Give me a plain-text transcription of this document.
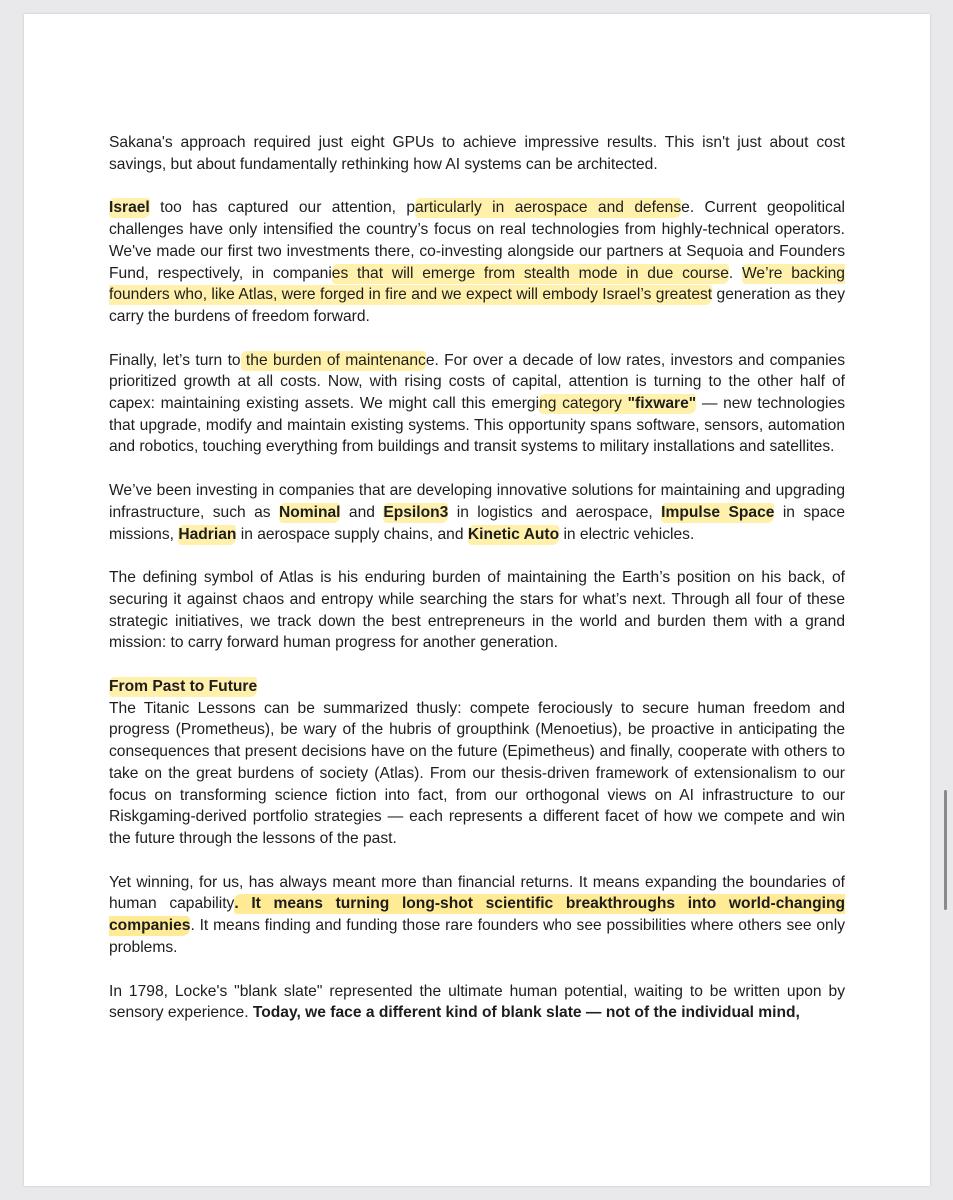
Sakana's approach required just eight GPUs to achieve impressive results. This isn't just about cost savings, but about fundamentally rethinking how AI systems can be architected.

Israel too has captured our attention, particularly in aerospace and defense. Current geopolitical challenges have only intensified the country’s focus on real technologies from highly-technical operators. We've made our first two investments there, co-investing alongside our partners at Sequoia and Founders Fund, respectively, in companies that will emerge from stealth mode in due course. We’re backing founders who, like Atlas, were forged in fire and we expect will embody Israel’s greatest generation as they carry the burdens of freedom forward.

Finally, let’s turn to the burden of maintenance. For over a decade of low rates, investors and companies prioritized growth at all costs. Now, with rising costs of capital, attention is turning to the other half of capex: maintaining existing assets. We might call this emerging category "fixware" — new technologies that upgrade, modify and maintain existing systems. This opportunity spans software, sensors, automation and robotics, touching everything from buildings and transit systems to military installations and satellites.

We’ve been investing in companies that are developing innovative solutions for maintaining and upgrading infrastructure, such as Nominal and Epsilon3 in logistics and aerospace, Impulse Space in space missions, Hadrian in aerospace supply chains, and Kinetic Auto in electric vehicles.

The defining symbol of Atlas is his enduring burden of maintaining the Earth’s position on his back, of securing it against chaos and entropy while searching the stars for what’s next. Through all four of these strategic initiatives, we track down the best entrepreneurs in the world and burden them with a grand mission: to carry forward human progress for another generation.

From Past to Future

The Titanic Lessons can be summarized thusly: compete ferociously to secure human freedom and progress (Prometheus), be wary of the hubris of groupthink (Menoetius), be proactive in anticipating the consequences that present decisions have on the future (Epimetheus) and finally, cooperate with others to take on the great burdens of society (Atlas). From our thesis-driven framework of extensionalism to our focus on transforming science fiction into fact, from our orthogonal views on AI infrastructure to our Riskgaming-derived portfolio strategies — each represents a different facet of how we compete and win the future through the lessons of the past.

Yet winning, for us, has always meant more than financial returns. It means expanding the boundaries of human capability. It means turning long-shot scientific breakthroughs into world-changing companies. It means finding and funding those rare founders who see possibilities where others see only problems.

In 1798, Locke's "blank slate" represented the ultimate human potential, waiting to be written upon by sensory experience. Today, we face a different kind of blank slate — not of the individual mind,
